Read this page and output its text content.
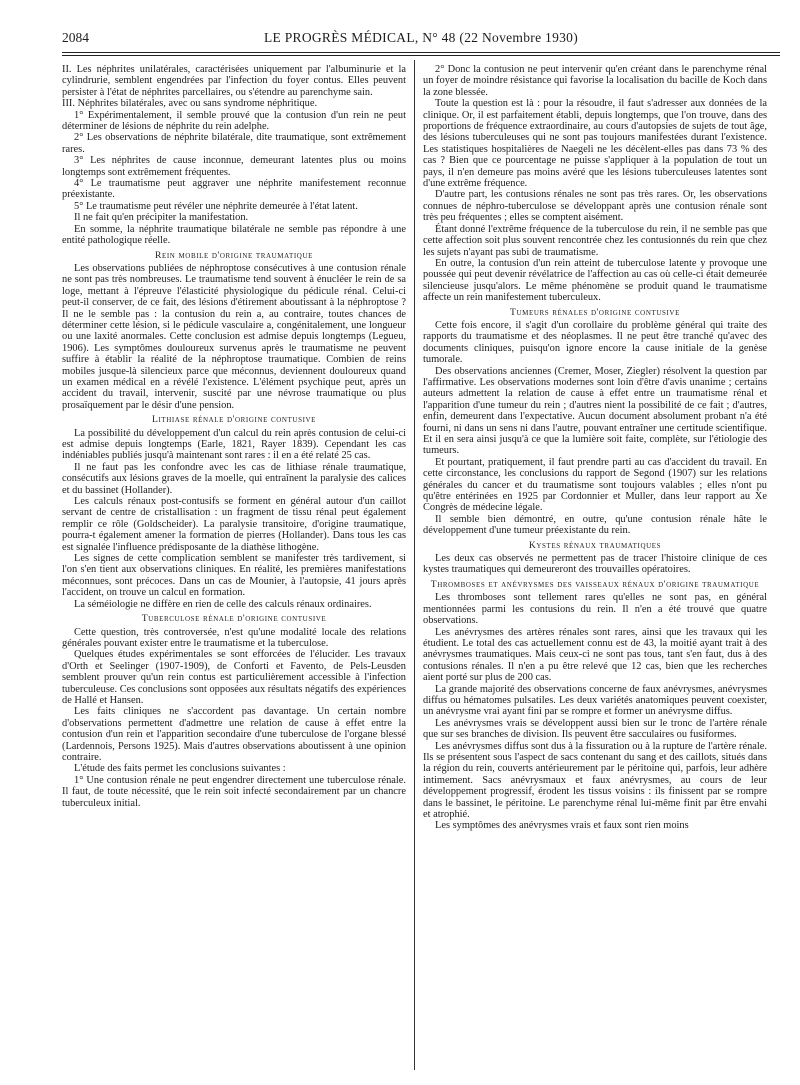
2084	LE PROGRÈS MÉDICAL, N° 48 (22 Novembre 1930)

II. Les néphrites unilatérales, caractérisées uniquement par l'albuminurie et la cylindrurie, semblent engendrées par l'infection du foyer contus. Elles peuvent persister à l'état de néphrites parcellaires, ou s'étendre au parenchyme sain.

III. Néphrites bilatérales, avec ou sans syndrome néphritique.

1° Expérimentalement, il semble prouvé que la contusion d'un rein ne peut déterminer de lésions de néphrite du rein adelphe.

2° Les observations de néphrite bilatérale, dite traumatique, sont extrêmement rares.

3° Les néphrites de cause inconnue, demeurant latentes plus ou moins longtemps sont extrêmement fréquentes.

4° Le traumatisme peut aggraver une néphrite manifestement reconnue préexistante.

5° Le traumatisme peut révéler une néphrite demeurée à l'état latent.

Il ne fait qu'en précipiter la manifestation.

En somme, la néphrite traumatique bilatérale ne semble pas répondre à une entité pathologique réelle.

Rein mobile d'origine traumatique

Les observations publiées de néphroptose consécutives à une contusion rénale ne sont pas très nombreuses. Le traumatisme tend souvent à énucléer le rein de sa loge, mettant à l'épreuve l'élasticité physiologique du pédicule rénal. Celui-ci peut-il conserver, de ce fait, des lésions d'étirement aboutissant à la néphroptose ? Il ne le semble pas : la contusion du rein a, au contraire, toutes chances de déterminer cette lésion, si le pédicule vasculaire a, congénitalement, une longueur ou une laxité anormales. Cette conclusion est admise depuis longtemps (Legueu, 1906). Les symptômes douloureux survenus après le traumatisme ne peuvent suffire à établir la réalité de la néphroptose traumatique. Combien de reins mobiles jusque-là silencieux parce que méconnus, deviennent douloureux quand un examen médical en a révélé l'existence. L'élément psychique peut, après un accident du travail, intervenir, suscité par une névrose traumatique ou plus prosaïquement par le désir d'une pension.

Lithiase rénale d'origine contusive

La possibilité du développement d'un calcul du rein après contusion de celui-ci est admise depuis longtemps (Earle, 1821, Rayer 1839). Cependant les cas indéniables publiés jusqu'à maintenant sont rares : il en a été relaté 25 cas.

Il ne faut pas les confondre avec les cas de lithiase rénale traumatique, consécutifs aux lésions graves de la moelle, qui entraînent la paralysie des calices et du bassinet (Hollander).

Les calculs rénaux post-contusifs se forment en général autour d'un caillot servant de centre de cristallisation : un fragment de tissu rénal peut également remplir ce rôle (Goldscheider). La paralysie transitoire, d'origine traumatique, pourra-t également amener la formation de pierres (Hollander). Dans tous les cas est signalée l'influence prédisposante de la diathèse lithogène.

Les signes de cette complication semblent se manifester très tardivement, si l'on s'en tient aux observations cliniques. En réalité, les premières manifestations méconnues, sont précoces. Dans un cas de Mounier, à l'autopsie, 41 jours après l'accident, on trouve un calcul en formation.

La séméiologie ne diffère en rien de celle des calculs rénaux ordinaires.

Tuberculose rénale d'origine contusive

Cette question, très controversée, n'est qu'une modalité locale des relations générales pouvant exister entre le traumatisme et la tuberculose.

Quelques études expérimentales se sont efforcées de l'élucider. Les travaux d'Orth et Seelinger (1907-1909), de Conforti et Favento, de Pels-Leusden semblent prouver qu'un rein contus est particulièrement accessible à l'infection tuberculeuse. Ces conclusions sont opposées aux résultats négatifs des expériences de Hallé et Hansen.

Les faits cliniques ne s'accordent pas davantage. Un certain nombre d'observations permettent d'admettre une relation de cause à effet entre la contusion d'un rein et l'apparition secondaire d'une tuberculose de l'organe blessé (Lardennois, Persons 1925). Mais d'autres observations aboutissent à une opinion contraire.

L'étude des faits permet les conclusions suivantes :

1° Une contusion rénale ne peut engendrer directement une tuberculose rénale. Il faut, de toute nécessité, que le rein soit infecté secondairement par un chancre tuberculeux initial.

2° Donc la contusion ne peut intervenir qu'en créant dans le parenchyme rénal un foyer de moindre résistance qui favorise la localisation du bacille de Koch dans la zone blessée.

Toute la question est là : pour la résoudre, il faut s'adresser aux données de la clinique. Or, il est parfaitement établi, depuis longtemps, que l'on trouve, dans des proportions de fréquence extraordinaire, au cours d'autopsies de sujets de tout âge, des lésions tuberculeuses qui ne sont pas toujours manifestées durant l'existence. Les statistiques hospitalières de Naegeli ne les décèlent-elles pas dans 73 % des cas ? Bien que ce pourcentage ne puisse s'appliquer à la population de tout un pays, il n'en demeure pas moins avéré que les lésions tuberculeuses latentes sont d'une extrême fréquence.

D'autre part, les contusions rénales ne sont pas très rares. Or, les observations connues de néphro-tuberculose se développant après une contusion rénale sont très peu fréquentes ; elles se comptent aisément.

Étant donné l'extrême fréquence de la tuberculose du rein, il ne semble pas que cette affection soit plus souvent rencontrée chez les contusionnés du rein que chez les sujets n'ayant pas subi de traumatisme.

En outre, la contusion d'un rein atteint de tuberculose latente y provoque une poussée qui peut devenir révélatrice de l'affection au cas où celle-ci était demeurée silencieuse jusqu'alors. Le même phénomène se produit quand le traumatisme affecte un rein manifestement tuberculeux.

Tumeurs rénales d'origine contusive

Cette fois encore, il s'agit d'un corollaire du problème général qui traite des rapports du traumatisme et des néoplasmes. Il ne peut être tranché qu'avec des documents cliniques, puisqu'on ignore encore la cause initiale de la genèse tumorale.

Des observations anciennes (Cremer, Moser, Ziegler) résolvent la question par l'affirmative. Les observations modernes sont loin d'être d'avis unanime ; certains auteurs admettent la relation de cause à effet entre un traumatisme rénal et l'apparition d'une tumeur du rein ; d'autres nient la possibilité de ce fait ; d'autres, enfin, demeurent dans l'expectative. Aucun document absolument probant n'a été fourni, ni dans un sens ni dans l'autre, pouvant entraîner une certitude scientifique. Et il en sera ainsi jusqu'à ce que la lumière soit faite, complète, sur l'étiologie des tumeurs.

Et pourtant, pratiquement, il faut prendre parti au cas d'accident du travail. En cette circonstance, les conclusions du rapport de Segond (1907) sur les relations générales du cancer et du traumatisme sont toujours valables ; elles n'ont pu qu'être entérinées en 1925 par Cordonnier et Muller, dans leur rapport au Xe Congrès de médecine légale.

Il semble bien démontré, en outre, qu'une contusion rénale hâte le développement d'une tumeur préexistante du rein.

Kystes rénaux traumatiques

Les deux cas observés ne permettent pas de tracer l'histoire clinique de ces kystes traumatiques qui demeureront des trouvailles opératoires.

Thromboses et anévrysmes des vaisseaux rénaux d'origine traumatique

Les thromboses sont tellement rares qu'elles ne sont pas, en général mentionnées parmi les contusions du rein. Il n'en a été trouvé que quatre observations.

Les anévrysmes des artères rénales sont rares, ainsi que les travaux qui les étudient. Le total des cas actuellement connu est de 43, la moitié ayant trait à des anévrysmes traumatiques. Mais ceux-ci ne sont pas tous, tant s'en faut, dus à des contusions rénales. Il n'en a pu être relevé que 12 cas, bien que les recherches aient porté sur plus de 200 cas.

La grande majorité des observations concerne de faux anévrysmes, anévrysmes diffus ou hématomes pulsatiles. Les deux variétés anatomiques peuvent coexister, un anévrysme vrai ayant fini par se rompre et former un anévrysme diffus.

Les anévrysmes vrais se développent aussi bien sur le tronc de l'artère rénale que sur ses branches de division. Ils peuvent être sacculaires ou fusiformes.

Les anévrysmes diffus sont dus à la fissuration ou à la rupture de l'artère rénale. Ils se présentent sous l'aspect de sacs contenant du sang et des caillots, situés dans la région du rein, couverts antérieurement par le péritoine qui, parfois, leur adhère intimement. Sacs anévrysmaux et faux anévrysmes, au cours de leur développement progressif, érodent les tissus voisins : ils finissent par se rompre dans le bassinet, le péritoine. Le parenchyme rénal lui-même finit par être envahi et atrophié.

Les symptômes des anévrysmes vrais et faux sont rien moins
